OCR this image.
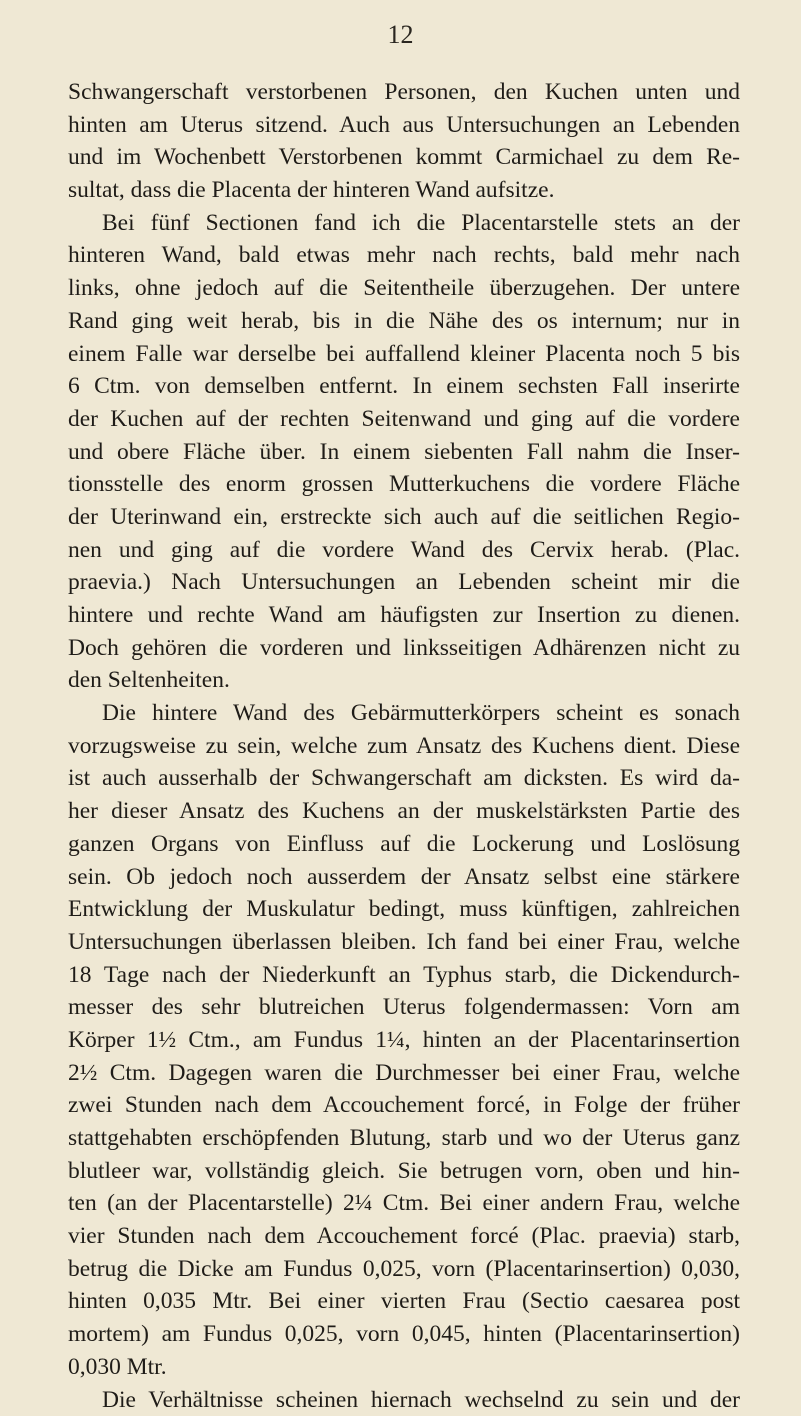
12
Schwangerschaft verstorbenen Personen, den Kuchen unten und
hinten am Uterus sitzend. Auch aus Untersuchungen an Lebenden
und im Wochenbett Verstorbenen kommt Carmichael zu dem Re-
sultat, dass die Placenta der hinteren Wand aufsitze.
Bei fünf Sectionen fand ich die Placentarstelle stets an der
hinteren Wand, bald etwas mehr nach rechts, bald mehr nach
links, ohne jedoch auf die Seitentheile überzugehen. Der untere
Rand ging weit herab, bis in die Nähe des os internum; nur in
einem Falle war derselbe bei auffallend kleiner Placenta noch 5 bis
6 Ctm. von demselben entfernt. In einem sechsten Fall inserirte
der Kuchen auf der rechten Seitenwand und ging auf die vordere
und obere Fläche über. In einem siebenten Fall nahm die Inser-
tionsstelle des enorm grossen Mutterkuchens die vordere Fläche
der Uterinwand ein, erstreckte sich auch auf die seitlichen Regio-
nen und ging auf die vordere Wand des Cervix herab. (Plac.
praevia.) Nach Untersuchungen an Lebenden scheint mir die
hintere und rechte Wand am häufigsten zur Insertion zu dienen.
Doch gehören die vorderen und linksseitigen Adhärenzen nicht zu
den Seltenheiten.
Die hintere Wand des Gebärmutterkörpers scheint es sonach
vorzugsweise zu sein, welche zum Ansatz des Kuchens dient. Diese
ist auch ausserhalb der Schwangerschaft am dicksten. Es wird da-
her dieser Ansatz des Kuchens an der muskelstärksten Partie des
ganzen Organs von Einfluss auf die Lockerung und Loslösung
sein. Ob jedoch noch ausserdem der Ansatz selbst eine stärkere
Entwicklung der Muskulatur bedingt, muss künftigen, zahlreichen
Untersuchungen überlassen bleiben. Ich fand bei einer Frau, welche
18 Tage nach der Niederkunft an Typhus starb, die Dickendurch-
messer des sehr blutreichen Uterus folgendermassen: Vorn am
Körper 1½ Ctm., am Fundus 1¼, hinten an der Placentarinsertion
2½ Ctm. Dagegen waren die Durchmesser bei einer Frau, welche
zwei Stunden nach dem Accouchement forcé, in Folge der früher
stattgehabten erschöpfenden Blutung, starb und wo der Uterus ganz
blutleer war, vollständig gleich. Sie betrugen vorn, oben und hin-
ten (an der Placentarstelle) 2¼ Ctm. Bei einer andern Frau, welche
vier Stunden nach dem Accouchement forcé (Plac. praevia) starb,
betrug die Dicke am Fundus 0,025, vorn (Placentarinsertion) 0,030,
hinten 0,035 Mtr. Bei einer vierten Frau (Sectio caesarea post
mortem) am Fundus 0,025, vorn 0,045, hinten (Placentarinsertion)
0,030 Mtr.
Die Verhältnisse scheinen hiernach wechselnd zu sein und der
